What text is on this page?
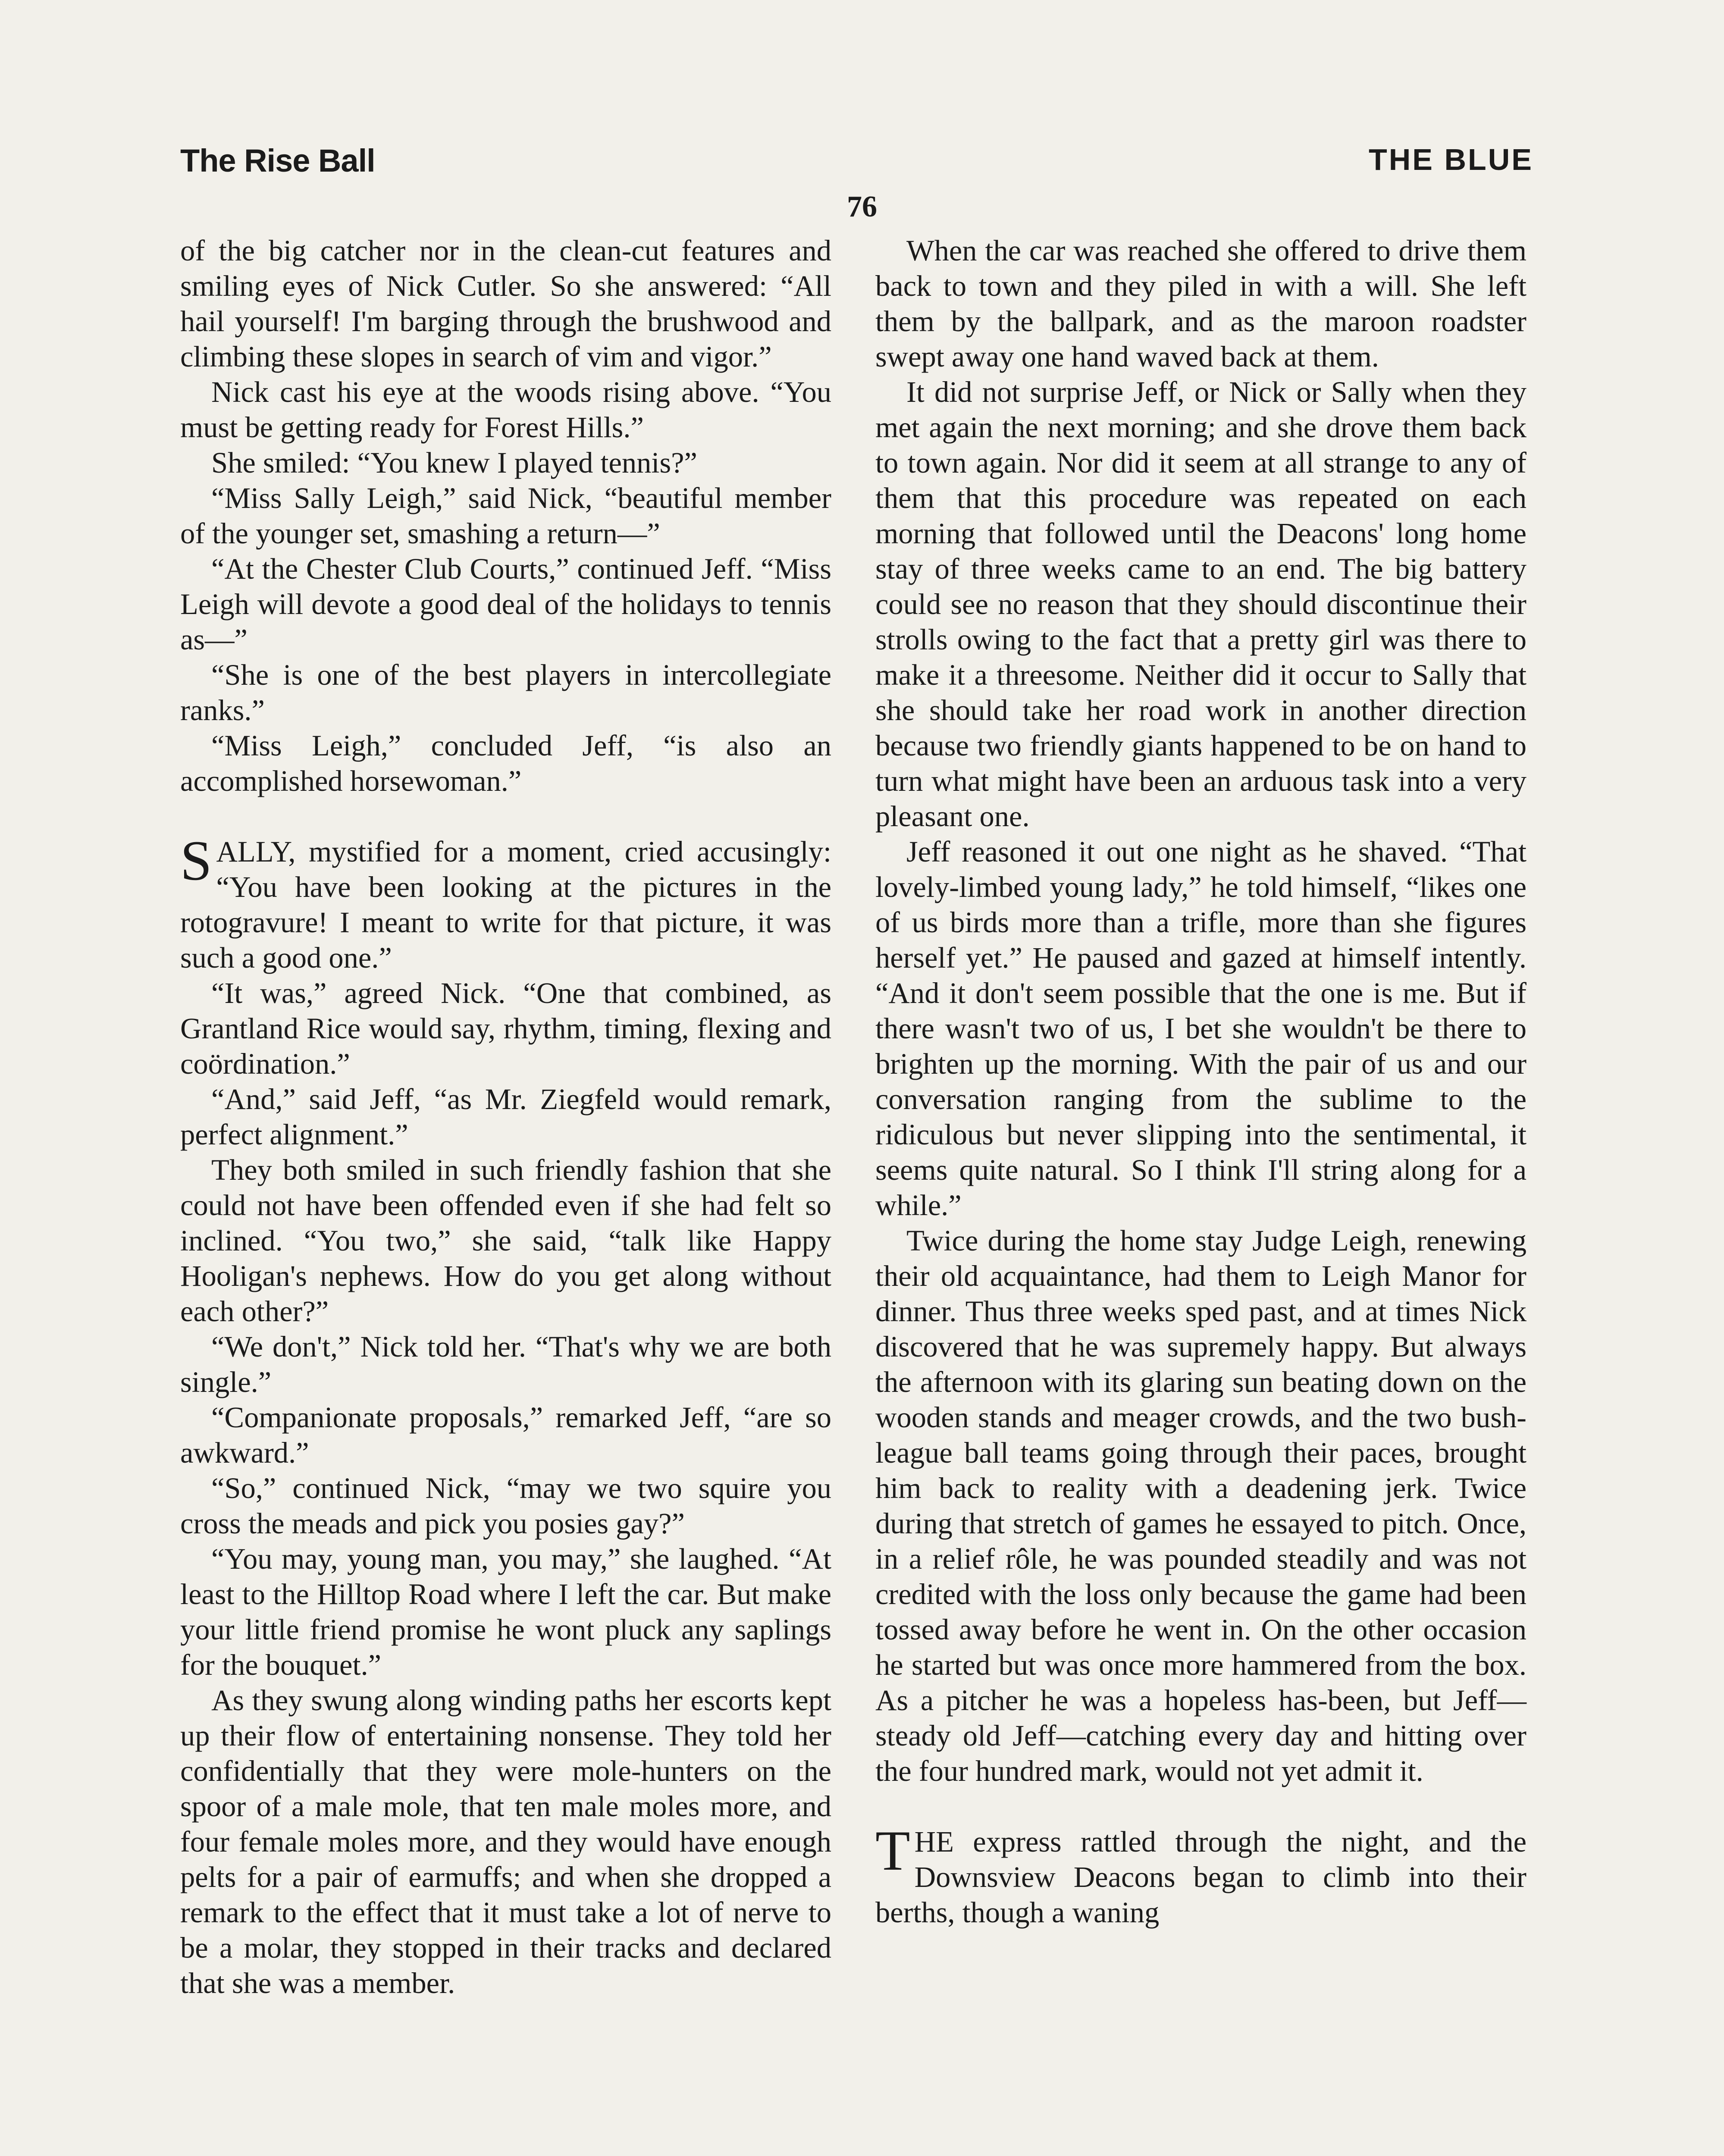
The Rise Ball	THE BLUE
76

of the big catcher nor in the clean-cut features and smiling eyes of Nick Cutler. So she answered: “All hail yourself! I'm barging through the brushwood and climbing these slopes in search of vim and vigor.”

Nick cast his eye at the woods rising above. “You must be getting ready for Forest Hills.”

She smiled: “You knew I played tennis?”

“Miss Sally Leigh,” said Nick, “beautiful member of the younger set, smashing a return—”

“At the Chester Club Courts,” continued Jeff. “Miss Leigh will devote a good deal of the holidays to tennis as—”

“She is one of the best players in intercollegiate ranks.”

“Miss Leigh,” concluded Jeff, “is also an accomplished horsewoman.”

SALLY, mystified for a moment, cried accusingly: “You have been looking at the pictures in the rotogravure! I meant to write for that picture, it was such a good one.”

“It was,” agreed Nick. “One that combined, as Grantland Rice would say, rhythm, timing, flexing and coördination.”

“And,” said Jeff, “as Mr. Ziegfeld would remark, perfect alignment.”

They both smiled in such friendly fashion that she could not have been offended even if she had felt so inclined. “You two,” she said, “talk like Happy Hooligan's nephews. How do you get along without each other?”

“We don't,” Nick told her. “That's why we are both single.”

“Companionate proposals,” remarked Jeff, “are so awkward.”

“So,” continued Nick, “may we two squire you cross the meads and pick you posies gay?”

“You may, young man, you may,” she laughed. “At least to the Hilltop Road where I left the car. But make your little friend promise he wont pluck any saplings for the bouquet.”

As they swung along winding paths her escorts kept up their flow of entertaining nonsense. They told her confidentially that they were mole-hunters on the spoor of a male mole, that ten male moles more, and four female moles more, and they would have enough pelts for a pair of earmuffs; and when she dropped a remark to the effect that it must take a lot of nerve to be a molar, they stopped in their tracks and declared that she was a member.

When the car was reached she offered to drive them back to town and they piled in with a will. She left them by the ballpark, and as the maroon roadster swept away one hand waved back at them.

It did not surprise Jeff, or Nick or Sally when they met again the next morning; and she drove them back to town again. Nor did it seem at all strange to any of them that this procedure was repeated on each morning that followed until the Deacons' long home stay of three weeks came to an end. The big battery could see no reason that they should discontinue their strolls owing to the fact that a pretty girl was there to make it a threesome. Neither did it occur to Sally that she should take her road work in another direction because two friendly giants happened to be on hand to turn what might have been an arduous task into a very pleasant one.

Jeff reasoned it out one night as he shaved. “That lovely-limbed young lady,” he told himself, “likes one of us birds more than a trifle, more than she figures herself yet.” He paused and gazed at himself intently. “And it don't seem possible that the one is me. But if there wasn't two of us, I bet she wouldn't be there to brighten up the morning. With the pair of us and our conversation ranging from the sublime to the ridiculous but never slipping into the sentimental, it seems quite natural. So I think I'll string along for a while.”

Twice during the home stay Judge Leigh, renewing their old acquaintance, had them to Leigh Manor for dinner. Thus three weeks sped past, and at times Nick discovered that he was supremely happy. But always the afternoon with its glaring sun beating down on the wooden stands and meager crowds, and the two bush-league ball teams going through their paces, brought him back to reality with a deadening jerk. Twice during that stretch of games he essayed to pitch. Once, in a relief rôle, he was pounded steadily and was not credited with the loss only because the game had been tossed away before he went in. On the other occasion he started but was once more hammered from the box. As a pitcher he was a hopeless has-been, but Jeff—steady old Jeff—catching every day and hitting over the four hundred mark, would not yet admit it.

THE express rattled through the night, and the Downsview Deacons began to climb into their berths, though a waning
